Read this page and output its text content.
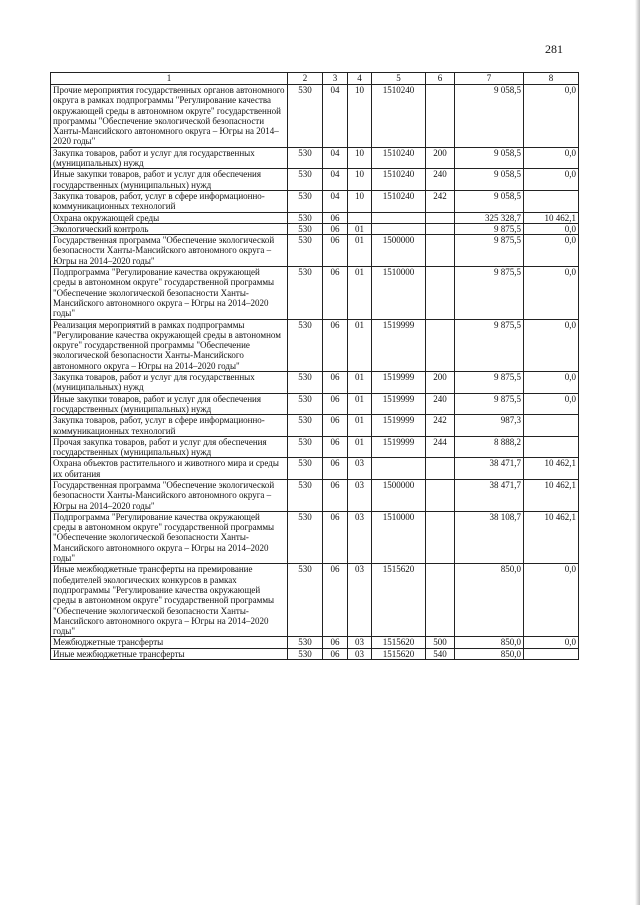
281
1	2	3	4	5	6	7	8
Прочие мероприятия государственных органов автономного округа в рамках подпрограммы "Регулирование качества окружающей среды в автономном округе" государственной программы "Обеспечение экологической безопасности Ханты-Мансийского автономного округа – Югры на 2014–2020 годы"	530	04	10	1510240		9 058,5	0,0
Закупка товаров, работ и услуг для государственных (муниципальных) нужд	530	04	10	1510240	200	9 058,5	0,0
Иные закупки товаров, работ и услуг для обеспечения государственных (муниципальных) нужд	530	04	10	1510240	240	9 058,5	0,0
Закупка товаров, работ, услуг в сфере информационно-коммуникационных технологий	530	04	10	1510240	242	9 058,5	
Охрана окружающей среды	530	06				325 328,7	10 462,1
Экологический контроль	530	06	01			9 875,5	0,0
Государственная программа "Обеспечение экологической безопасности Ханты-Мансийского автономного округа – Югры на 2014–2020 годы"	530	06	01	1500000		9 875,5	0,0
Подпрограмма "Регулирование качества окружающей среды в автономном округе" государственной программы "Обеспечение экологической безопасности Ханты-Мансийского автономного округа – Югры на 2014–2020 годы"	530	06	01	1510000		9 875,5	0,0
Реализация мероприятий в рамках подпрограммы "Регулирование качества окружающей среды в автономном округе" государственной программы "Обеспечение экологической безопасности Ханты-Мансийского автономного округа – Югры на 2014–2020 годы"	530	06	01	1519999		9 875,5	0,0
Закупка товаров, работ и услуг для государственных (муниципальных) нужд	530	06	01	1519999	200	9 875,5	0,0
Иные закупки товаров, работ и услуг для обеспечения государственных (муниципальных) нужд	530	06	01	1519999	240	9 875,5	0,0
Закупка товаров, работ, услуг в сфере информационно-коммуникационных технологий	530	06	01	1519999	242	987,3	
Прочая закупка товаров, работ и услуг для обеспечения государственных (муниципальных) нужд	530	06	01	1519999	244	8 888,2	
Охрана объектов растительного и животного мира и среды их обитания	530	06	03			38 471,7	10 462,1
Государственная программа "Обеспечение экологической безопасности Ханты-Мансийского автономного округа – Югры на 2014–2020 годы"	530	06	03	1500000		38 471,7	10 462,1
Подпрограмма "Регулирование качества окружающей среды в автономном округе" государственной программы "Обеспечение экологической безопасности Ханты-Мансийского автономного округа – Югры на 2014–2020 годы"	530	06	03	1510000		38 108,7	10 462,1
Иные межбюджетные трансферты на премирование победителей экологических конкурсов в рамках подпрограммы "Регулирование качества окружающей среды в автономном округе" государственной программы "Обеспечение экологической безопасности Ханты-Мансийского автономного округа – Югры на 2014–2020 годы"	530	06	03	1515620		850,0	0,0
Межбюджетные трансферты	530	06	03	1515620	500	850,0	0,0
Иные межбюджетные трансферты	530	06	03	1515620	540	850,0	
